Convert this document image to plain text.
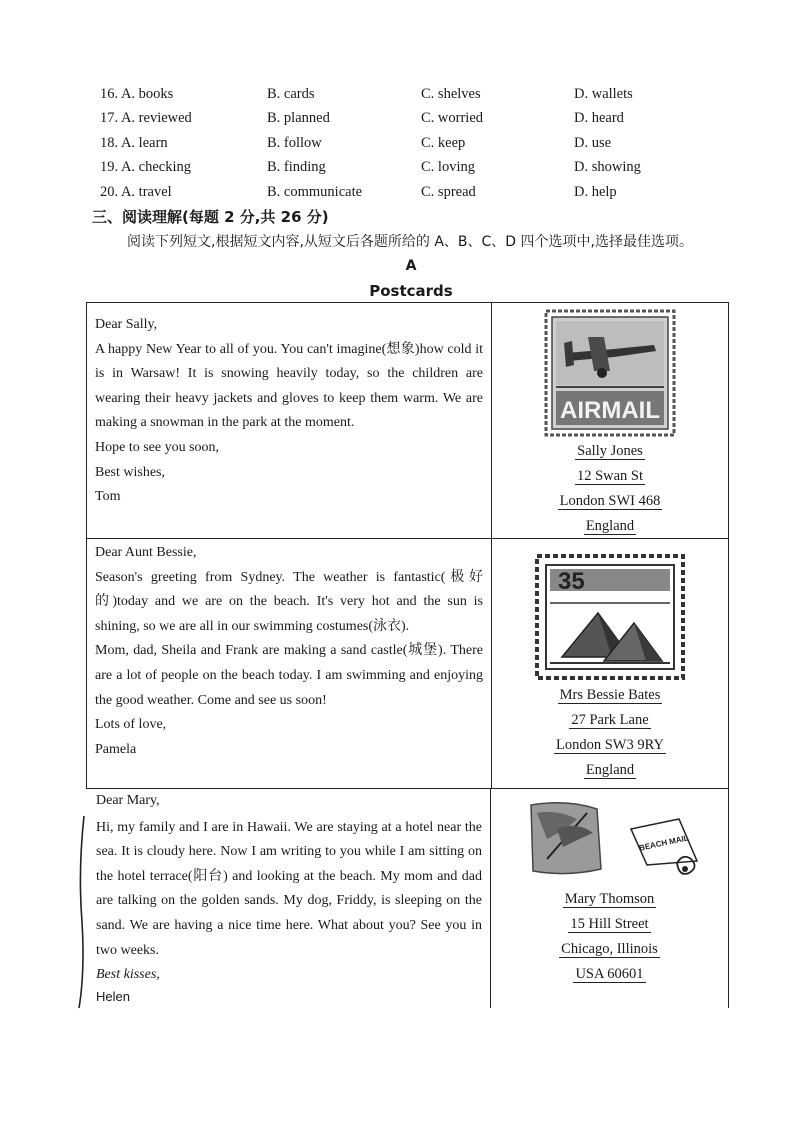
16. A. books	B. cards	C. shelves	D. wallets
17. A. reviewed	B. planned	C. worried	D. heard
18. A. learn	B. follow	C. keep	D. use
19. A. checking	B. finding	C. loving	D. showing
20. A. travel	B. communicate	C. spread	D. help
三、阅读理解(每题 2 分,共 26 分)
阅读下列短文,根据短文内容,从短文后各题所给的 A、B、C、D 四个选项中,选择最佳选项。
A
Postcards

Dear Sally,

A happy New Year to all of you. You can't imagine(想象)how cold it is in Warsaw! It is snowing heavily today, so the children are wearing their heavy jackets and gloves to keep them warm. We are making a snowman in the park at the moment.

Hope to see you soon,

Best wishes,

Tom

AIRMAIL
Sally Jones
12 Swan St
London SWI 468
England

Dear Aunt Bessie,

Season's greeting from Sydney. The weather is fantastic(极好的)today and we are on the beach. It's very hot and the sun is shining, so we are all in our swimming costumes(泳衣).

Mom, dad, Sheila and Frank are making a sand castle(城堡). There are a lot of people on the beach today. I am swimming and enjoying the good weather. Come and see us soon!

Lots of love,

Pamela

35
Mrs Bessie Bates
27 Park Lane
London SW3 9RY
England

Dear Mary,

Hi, my family and I are in Hawaii. We are staying at a hotel near the sea. It is cloudy here. Now I am writing to you while I am sitting on the hotel terrace(阳台) and looking at the beach. My mom and dad are talking on the golden sands. My dog, Friddy, is sleeping on the sand. We are having a nice time here. What about you? See you in two weeks.

Best kisses,

Helen

BEACH MAIL
Mary Thomson
15 Hill Street
Chicago, Illinois
USA 60601
